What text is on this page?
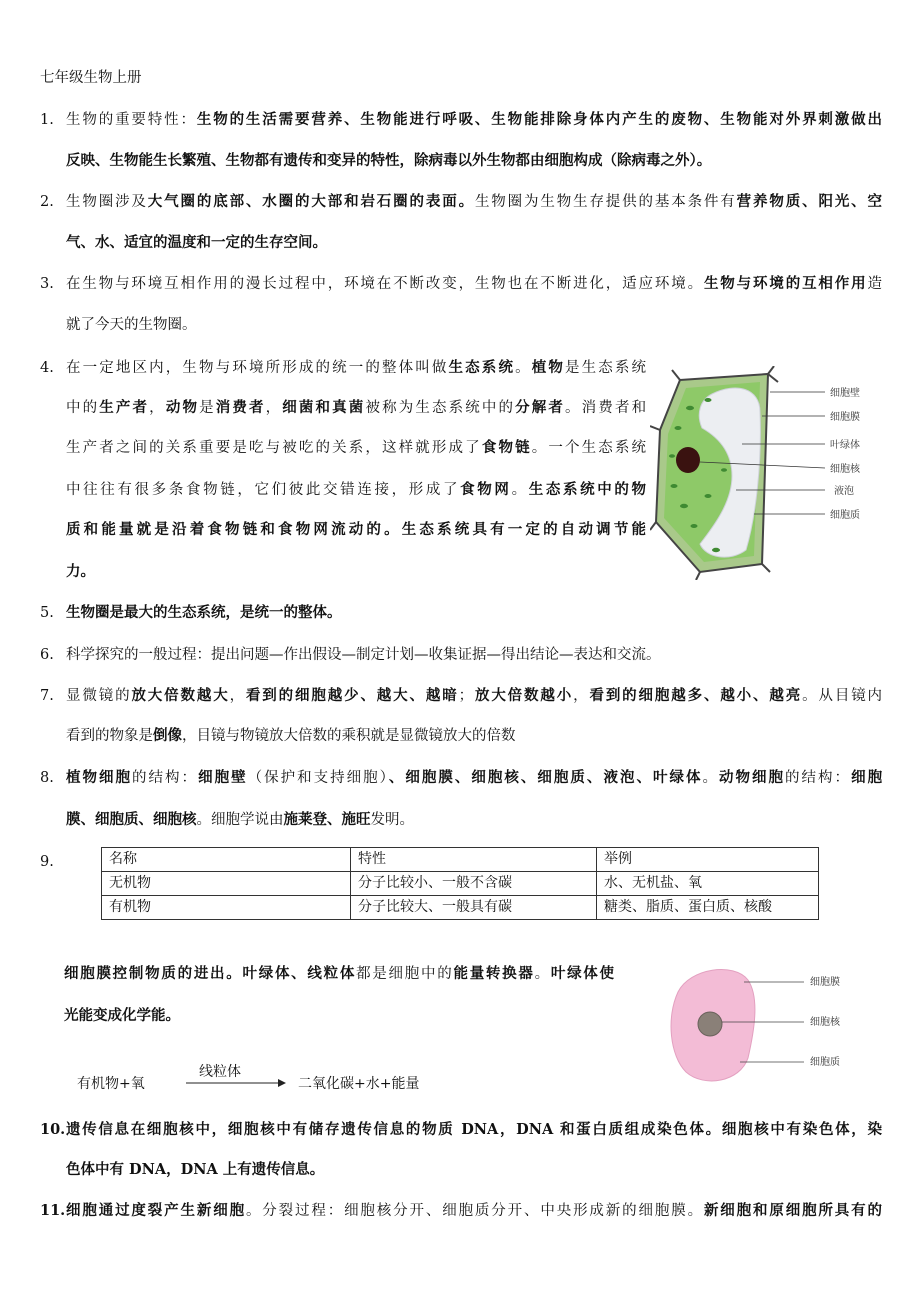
七年级生物上册
1. 生物的重要特性：生物的生活需要营养、生物能进行呼吸、生物能排除身体内产生的废物、生物能对外界刺激做出
反映、生物能生长繁殖、生物都有遗传和变异的特性，除病毒以外生物都由细胞构成（除病毒之外）。
2. 生物圈涉及大气圈的底部、水圈的大部和岩石圈的表面。生物圈为生物生存提供的基本条件有营养物质、阳光、空
气、水、适宜的温度和一定的生存空间。
3. 在生物与环境互相作用的漫长过程中，环境在不断改变，生物也在不断进化，适应环境。生物与环境的互相作用造
就了今天的生物圈。
4. 在一定地区内，生物与环境所形成的统一的整体叫做生态系统。植物是生态系统
中的生产者，动物是消费者，细菌和真菌被称为生态系统中的分解者。消费者和
生产者之间的关系重要是吃与被吃的关系，这样就形成了食物链。一个生态系统
中往往有很多条食物链，它们彼此交错连接，形成了食物网。生态系统中的物
质和能量就是沿着食物链和食物网流动的。生态系统具有一定的自动调节能
力。
5. 生物圈是最大的生态系统，是统一的整体。
6. 科学探究的一般过程：提出问题—作出假设—制定计划—收集证据—得出结论—表达和交流。
7. 显微镜的放大倍数越大，看到的细胞越少、越大、越暗；放大倍数越小，看到的细胞越多、越小、越亮。从目镜内
看到的物象是倒像，目镜与物镜放大倍数的乘积就是显微镜放大的倍数
8. 植物细胞的结构：细胞壁（保护和支持细胞）、细胞膜、细胞核、细胞质、液泡、叶绿体。动物细胞的结构：细胞
膜、细胞质、细胞核。细胞学说由施莱登、施旺发明。
10. 遗传信息在细胞核中，细胞核中有储存遗传信息的物质 DNA，DNA 和蛋白质组成染色体。细胞核中有染色体，染
色体中有 DNA，DNA 上有遗传信息。
11. 细胞通过度裂产生新细胞。分裂过程：细胞核分开、细胞质分开、中央形成新的细胞膜。新细胞和原细胞所具有的
细胞壁
细胞膜
叶绿体
细胞核
液泡
细胞质
9.	名称	特性	举例
无机物	分子比较小、一般不含碳	水、无机盐、氧
有机物	分子比较大、一般具有碳	糖类、脂质、蛋白质、核酸
细胞膜控制物质的进出。叶绿体、线粒体都是细胞中的能量转换器。叶绿体使
光能变成化学能。
有机物+氧
线粒体
二氧化碳+水+能量
细胞膜
细胞核
细胞质
